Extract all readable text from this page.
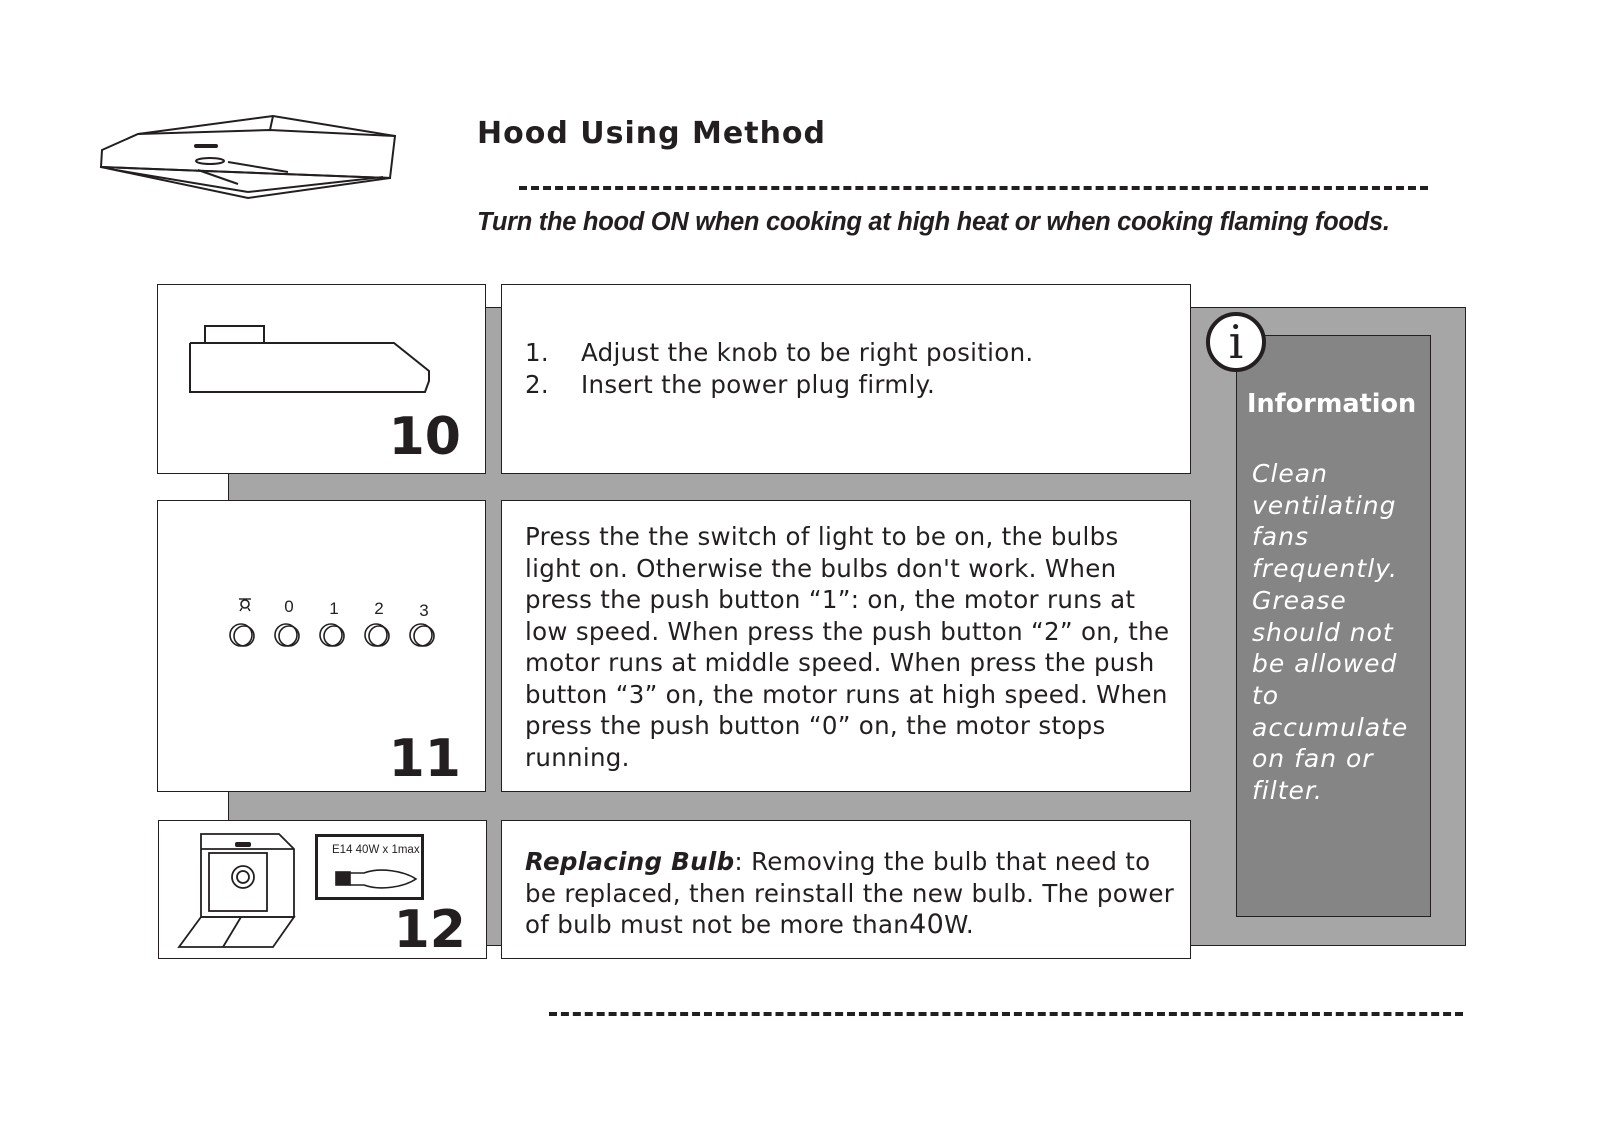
Hood Using Method
Turn the hood ON when cooking at high heat or when cooking flaming foods.
i
Information
Clean
ventilating
fans
frequently.
Grease
should not
be allowed
to
accumulate
on fan or
filter.
10
1.	Adjust the knob to be right position.
2.	Insert the power plug firmly.
0 1 2 3
11
Press the the switch of light to be on, the bulbs light on. Otherwise the bulbs don't work. When press the push button “1”: on, the motor runs at low speed. When press the push button “2” on, the motor runs at middle speed. When press the push button “3” on, the motor runs at high speed. When press the push button “0” on, the motor stops running.
E14 40W x 1max
12
Replacing Bulb: Removing the bulb that need to be replaced, then reinstall the new bulb. The power of bulb must not be more than40W.
